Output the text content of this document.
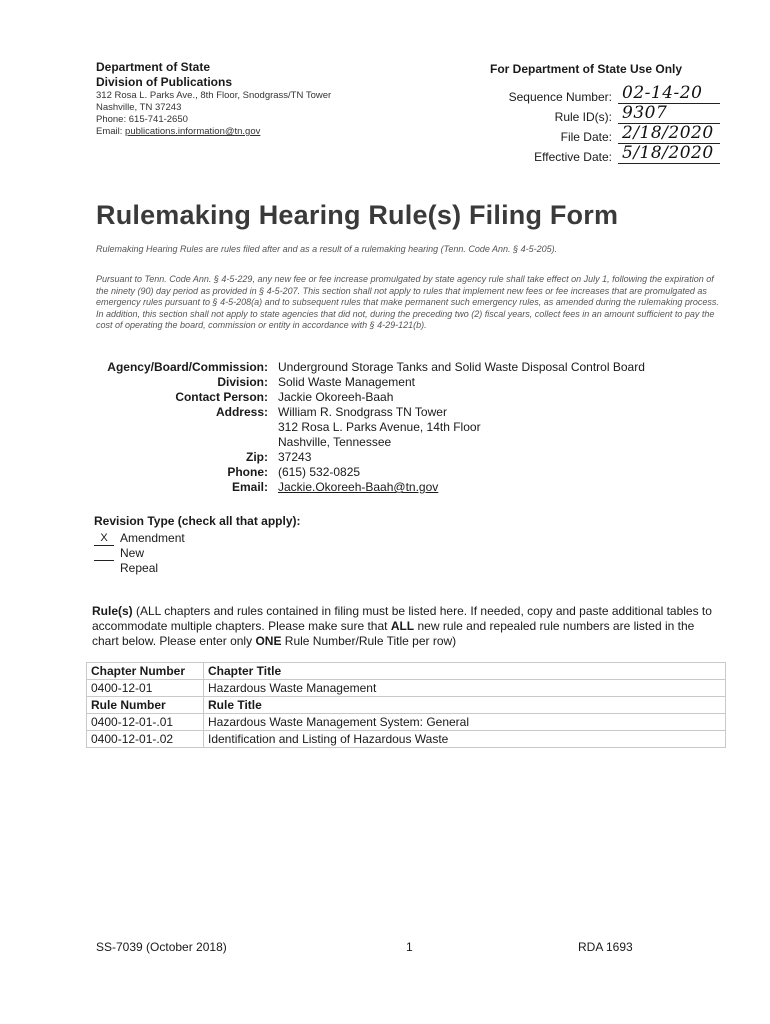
Department of State
Division of Publications
312 Rosa L. Parks Ave., 8th Floor, Snodgrass/TN Tower
Nashville, TN 37243
Phone: 615-741-2650
Email: publications.information@tn.gov
For Department of State Use Only
Sequence Number: 02-14-20
Rule ID(s): 9307
File Date: 2/18/2020
Effective Date: 5/18/2020
Rulemaking Hearing Rule(s) Filing Form
Rulemaking Hearing Rules are rules filed after and as a result of a rulemaking hearing (Tenn. Code Ann. § 4-5-205).
Pursuant to Tenn. Code Ann. § 4-5-229, any new fee or fee increase promulgated by state agency rule shall take effect on July 1, following the expiration of the ninety (90) day period as provided in § 4-5-207. This section shall not apply to rules that implement new fees or fee increases that are promulgated as emergency rules pursuant to § 4-5-208(a) and to subsequent rules that make permanent such emergency rules, as amended during the rulemaking process. In addition, this section shall not apply to state agencies that did not, during the preceding two (2) fiscal years, collect fees in an amount sufficient to pay the cost of operating the board, commission or entity in accordance with § 4-29-121(b).
Agency/Board/Commission: Underground Storage Tanks and Solid Waste Disposal Control Board
Division: Solid Waste Management
Contact Person: Jackie Okoreeh-Baah
Address: William R. Snodgrass TN Tower
312 Rosa L. Parks Avenue, 14th Floor
Nashville, Tennessee
Zip: 37243
Phone: (615) 532-0825
Email: Jackie.Okoreeh-Baah@tn.gov
Revision Type (check all that apply):
X	Amendment
New
Repeal
Rule(s) (ALL chapters and rules contained in filing must be listed here. If needed, copy and paste additional tables to accommodate multiple chapters. Please make sure that ALL new rule and repealed rule numbers are listed in the chart below. Please enter only ONE Rule Number/Rule Title per row)
Chapter Number	Chapter Title
0400-12-01	Hazardous Waste Management
Rule Number	Rule Title
0400-12-01-.01	Hazardous Waste Management System: General
0400-12-01-.02	Identification and Listing of Hazardous Waste
SS-7039 (October 2018)	1	RDA 1693
